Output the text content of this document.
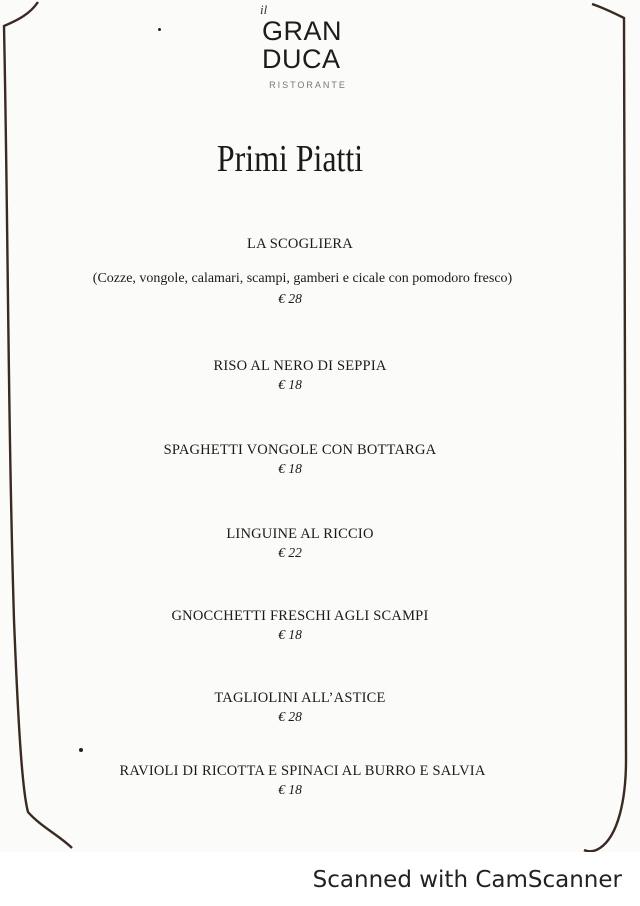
il
GRAN
DUCA
RISTORANTE
Primi Piatti
LA SCOGLIERA
(Cozze, vongole, calamari, scampi, gamberi e cicale con pomodoro fresco)
€ 28
RISO AL NERO DI SEPPIA
€ 18
SPAGHETTI VONGOLE CON BOTTARGA
€ 18
LINGUINE AL RICCIO
€ 22
GNOCCHETTI FRESCHI AGLI SCAMPI
€ 18
TAGLIOLINI ALL’ASTICE
€ 28
RAVIOLI DI RICOTTA E SPINACI AL BURRO E SALVIA
€ 18
Scanned with CamScanner
